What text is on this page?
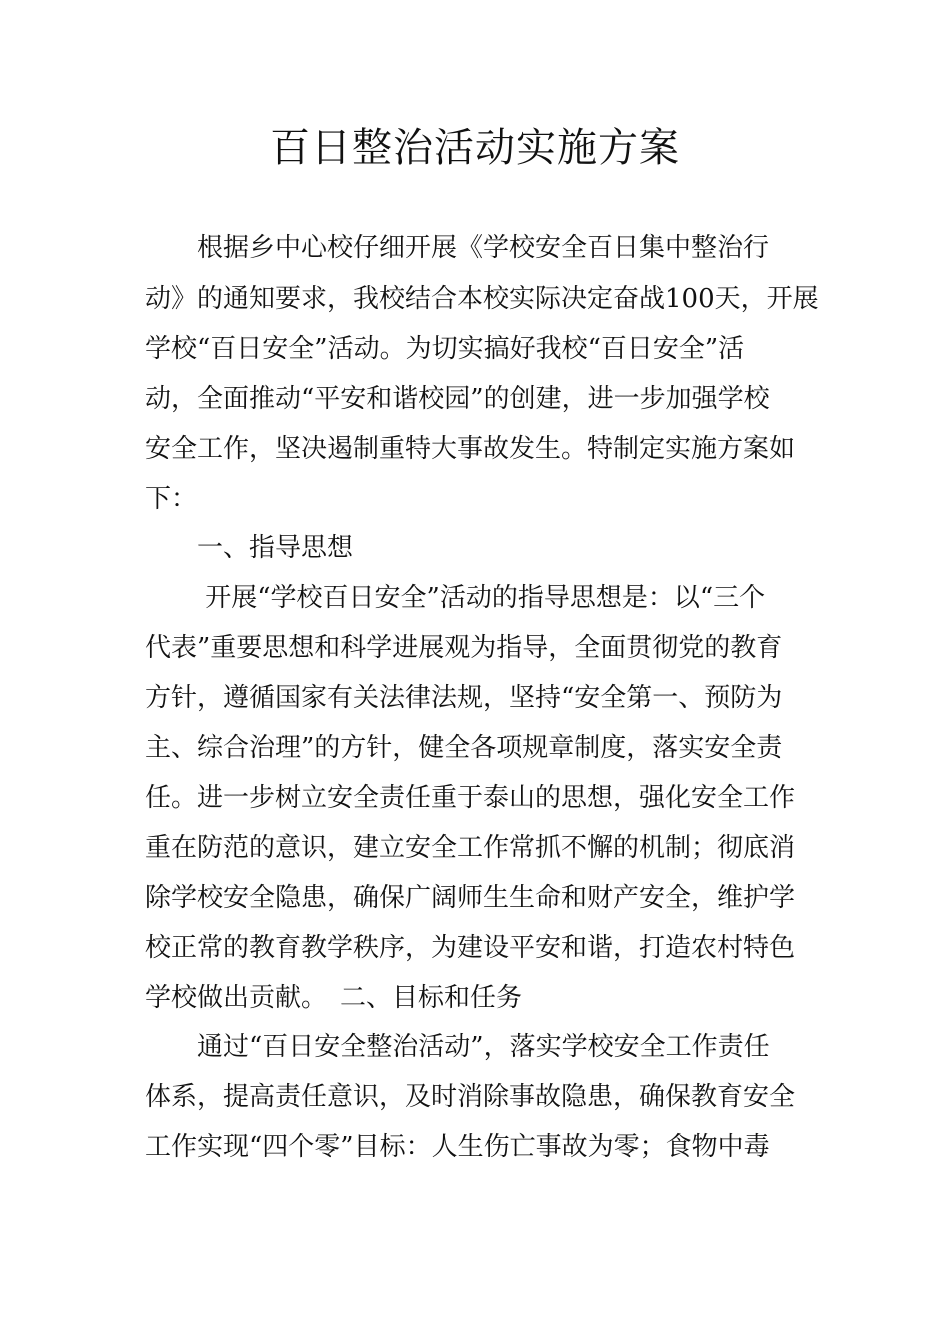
百日整治活动实施方案

　　根据乡中心校仔细开展《学校安全百日集中整治行

动》的通知要求，我校结合本校实际决定奋战100天，开展

学校“百日安全”活动。为切实搞好我校“百日安全”活

动，全面推动“平安和谐校园”的创建，进一步加强学校

安全工作，坚决遏制重特大事故发生。特制定实施方案如

下：

　　一、指导思想

　　 开展“学校百日安全”活动的指导思想是：以“三个

代表”重要思想和科学进展观为指导，全面贯彻党的教育

方针，遵循国家有关法律法规，坚持“安全第一、预防为

主、综合治理”的方针，健全各项规章制度，落实安全责

任。进一步树立安全责任重于泰山的思想，强化安全工作

重在防范的意识，建立安全工作常抓不懈的机制；彻底消

除学校安全隐患，确保广阔师生生命和财产安全，维护学

校正常的教育教学秩序，为建设平安和谐，打造农村特色

学校做出贡献。　二、目标和任务

　　通过“百日安全整治活动”，落实学校安全工作责任

体系，提高责任意识，及时消除事故隐患，确保教育安全

工作实现“四个零”目标：人生伤亡事故为零；食物中毒
